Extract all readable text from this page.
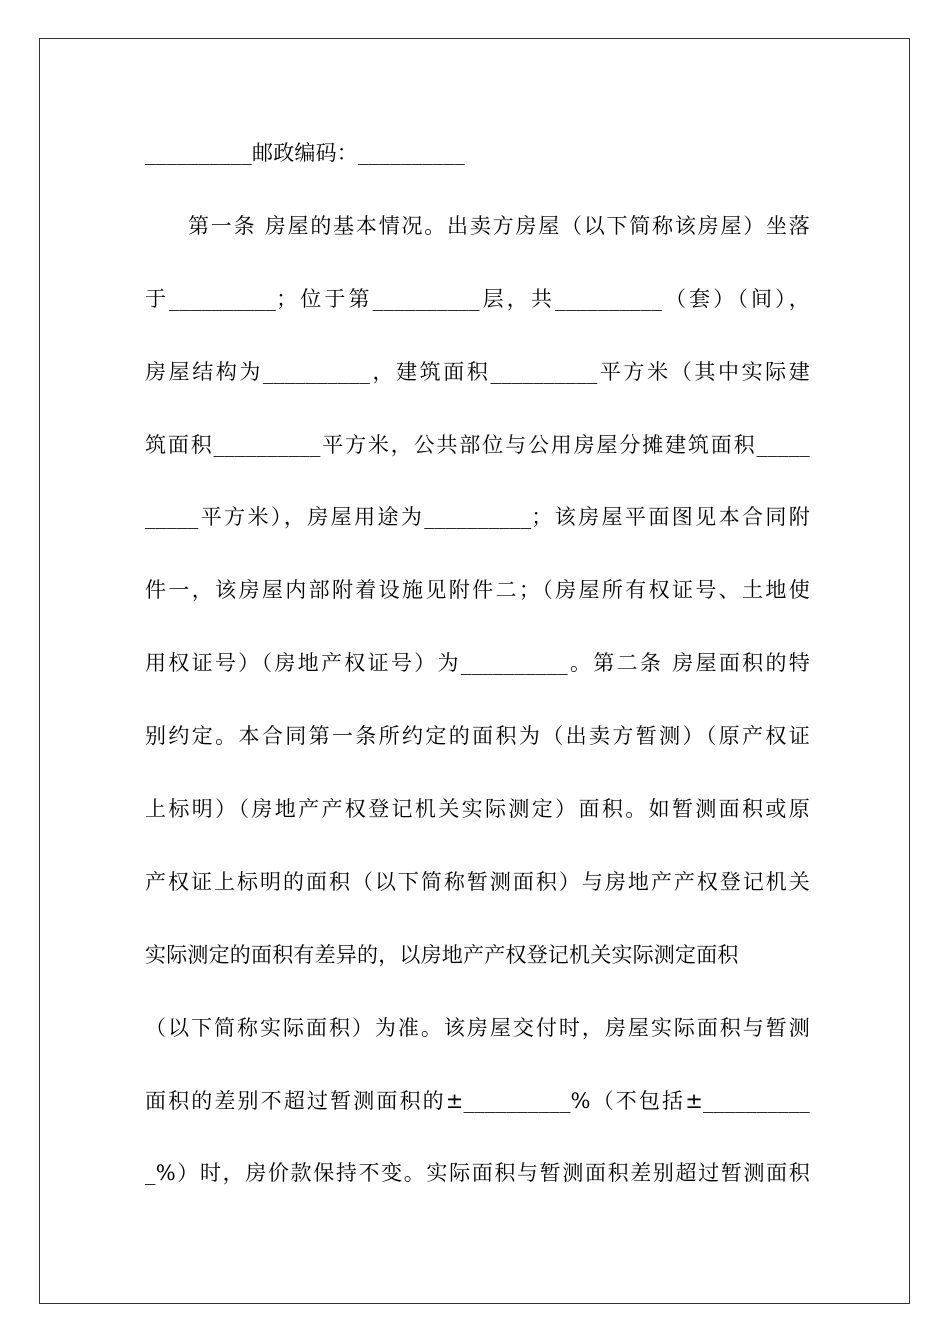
__________邮政编码：__________
第一条 房屋的基本情况。出卖方房屋（以下简称该房屋）坐落
于__________；位于第__________层，共__________（套）（间），
房屋结构为__________，建筑面积__________平方米（其中实际建
筑面积__________平方米，公共部位与公用房屋分摊建筑面积_____
_____平方米），房屋用途为__________；该房屋平面图见本合同附
件一，该房屋内部附着设施见附件二；（房屋所有权证号、土地使
用权证号）（房地产权证号）为__________。第二条 房屋面积的特
别约定。本合同第一条所约定的面积为（出卖方暂测）（原产权证
上标明）（房地产产权登记机关实际测定）面积。如暂测面积或原
产权证上标明的面积（以下简称暂测面积）与房地产产权登记机关
实际测定的面积有差异的，以房地产产权登记机关实际测定面积
（以下简称实际面积）为准。该房屋交付时，房屋实际面积与暂测
面积的差别不超过暂测面积的±__________%（不包括±__________
_%）时，房价款保持不变。实际面积与暂测面积差别超过暂测面积
